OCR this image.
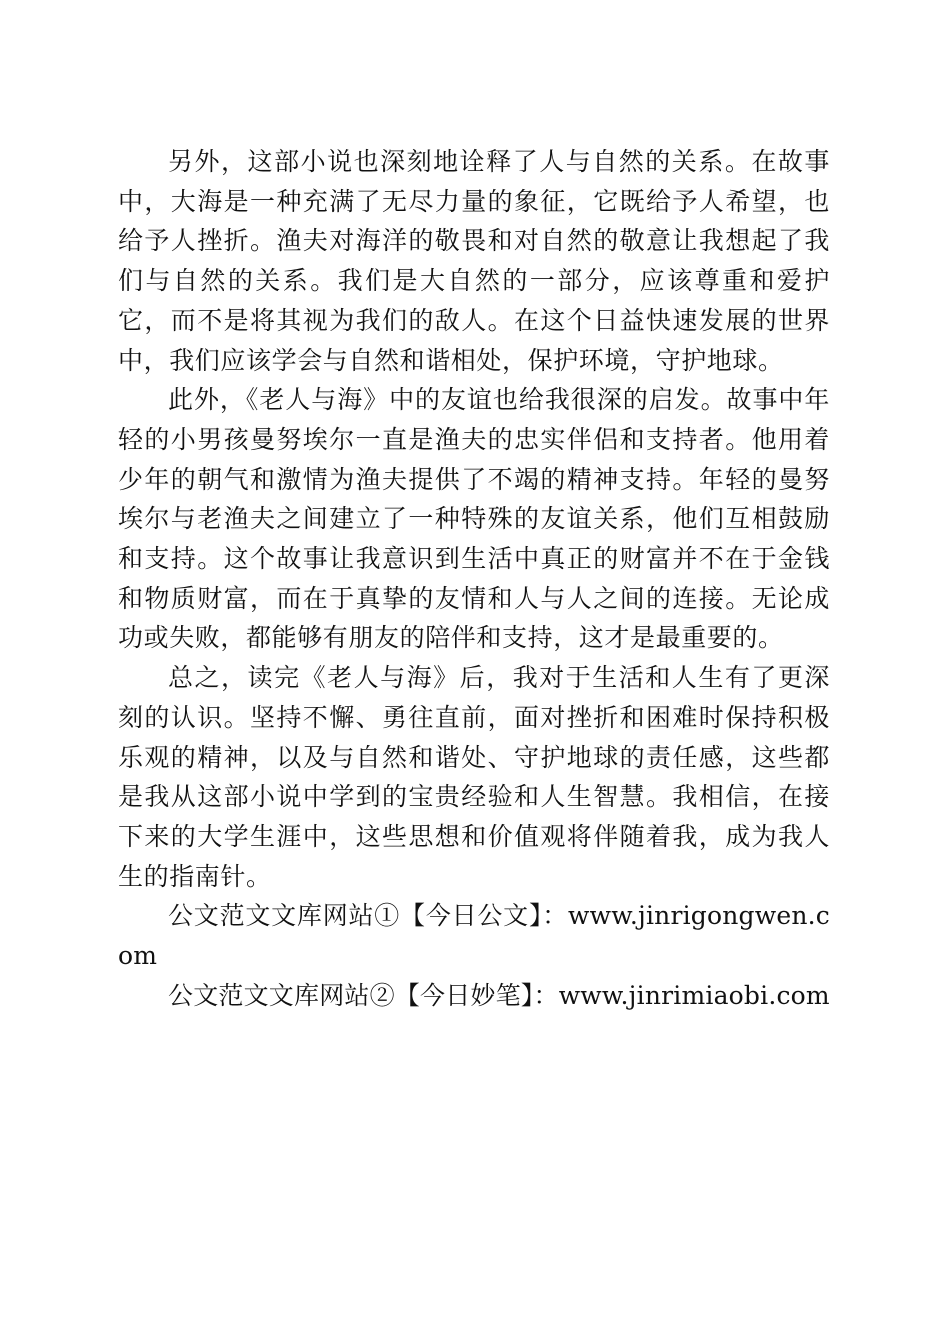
另外，这部小说也深刻地诠释了人与自然的关系。在故事中，大海是一种充满了无尽力量的象征，它既给予人希望，也给予人挫折。渔夫对海洋的敬畏和对自然的敬意让我想起了我们与自然的关系。我们是大自然的一部分，应该尊重和爱护它，而不是将其视为我们的敌人。在这个日益快速发展的世界中，我们应该学会与自然和谐相处，保护环境，守护地球。

此外，《老人与海》中的友谊也给我很深的启发。故事中年轻的小男孩曼努埃尔一直是渔夫的忠实伴侣和支持者。他用着少年的朝气和激情为渔夫提供了不竭的精神支持。年轻的曼努埃尔与老渔夫之间建立了一种特殊的友谊关系，他们互相鼓励和支持。这个故事让我意识到生活中真正的财富并不在于金钱和物质财富，而在于真挚的友情和人与人之间的连接。无论成功或失败，都能够有朋友的陪伴和支持，这才是最重要的。

总之，读完《老人与海》后，我对于生活和人生有了更深刻的认识。坚持不懈、勇往直前，面对挫折和困难时保持积极乐观的精神，以及与自然和谐处、守护地球的责任感，这些都是我从这部小说中学到的宝贵经验和人生智慧。我相信，在接下来的大学生涯中，这些思想和价值观将伴随着我，成为我人生的指南针。

公文范文文库网站①【今日公文】：www.jinrigongwen.com

公文范文文库网站②【今日妙笔】：www.jinrimiaobi.com
